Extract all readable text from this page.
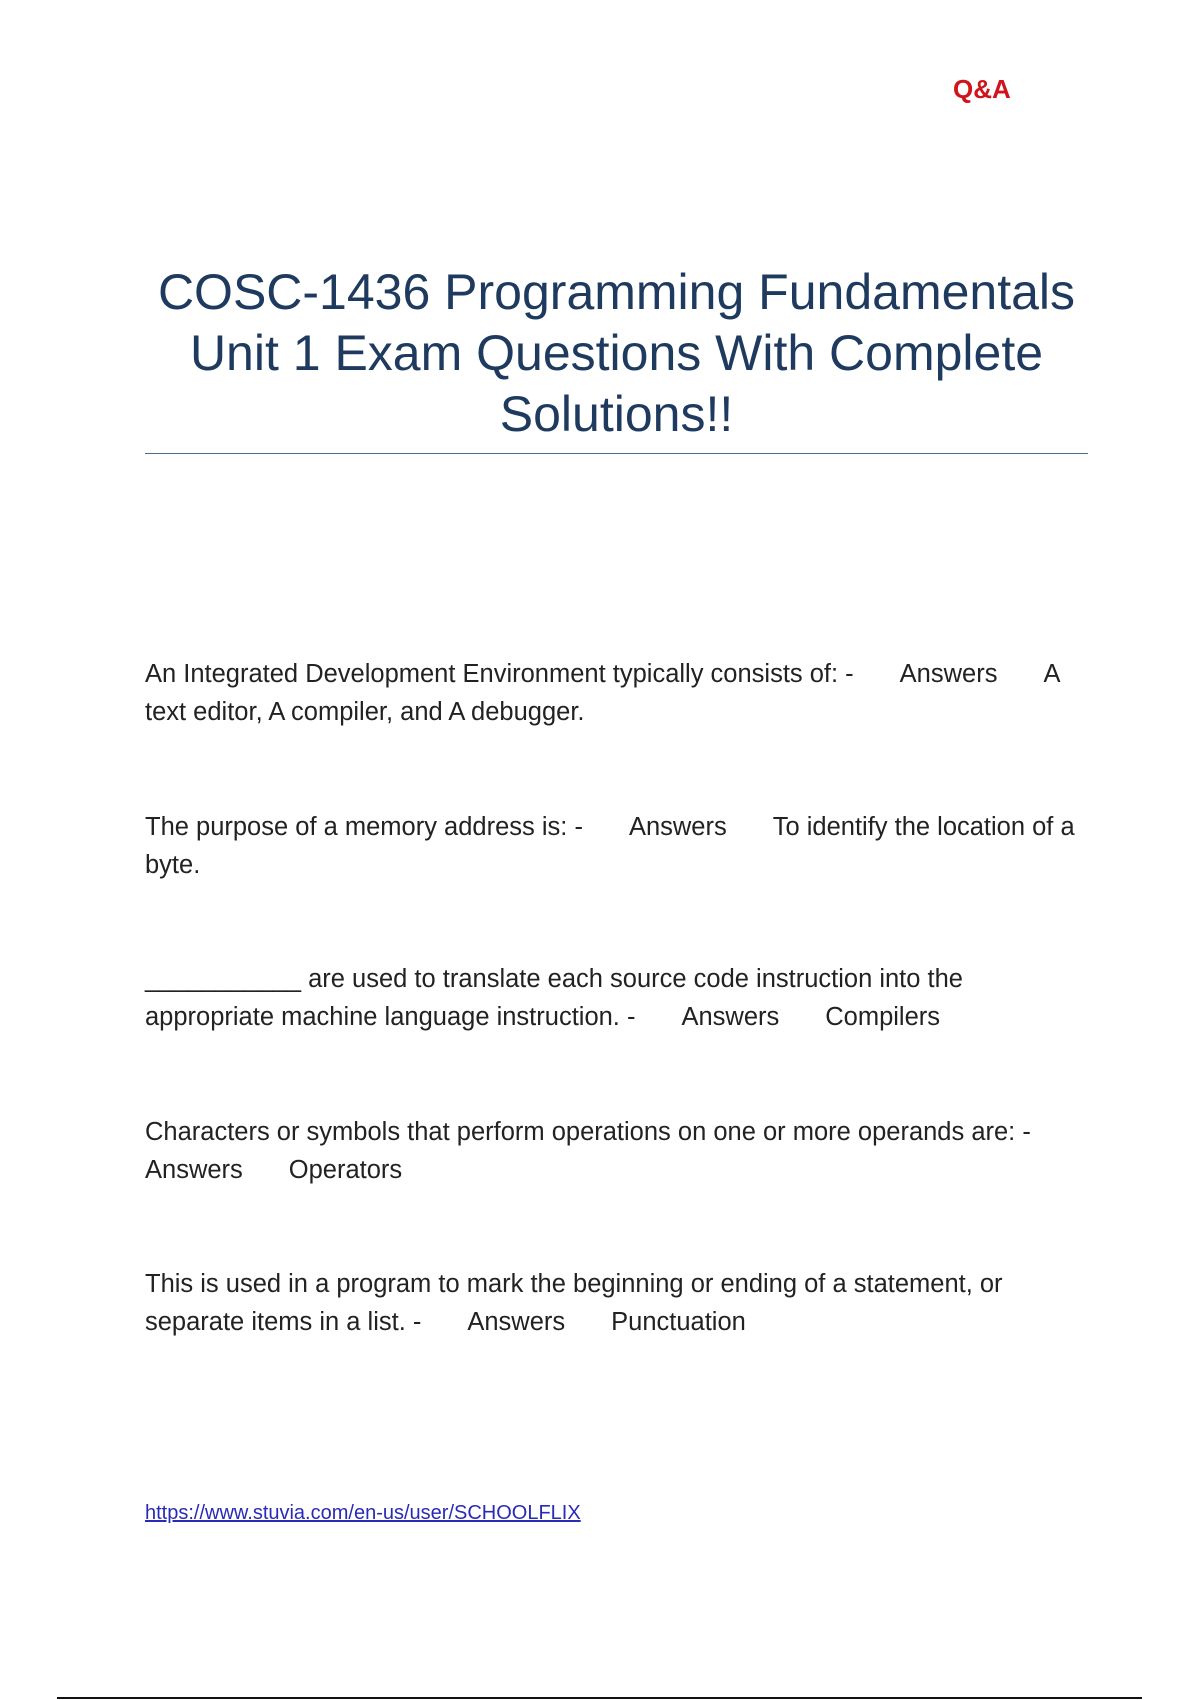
Q&A
COSC-1436 Programming Fundamentals Unit 1 Exam Questions With Complete Solutions!!
An Integrated Development Environment typically consists of: - Answers A text editor, A compiler, and A debugger.
The purpose of a memory address is: - Answers To identify the location of a byte.
___________ are used to translate each source code instruction into the appropriate machine language instruction. - Answers Compilers
Characters or symbols that perform operations on one or more operands are: -Answers Operators
This is used in a program to mark the beginning or ending of a statement, or separate items in a list. - Answers Punctuation
https://www.stuvia.com/en-us/user/SCHOOLFLIX
